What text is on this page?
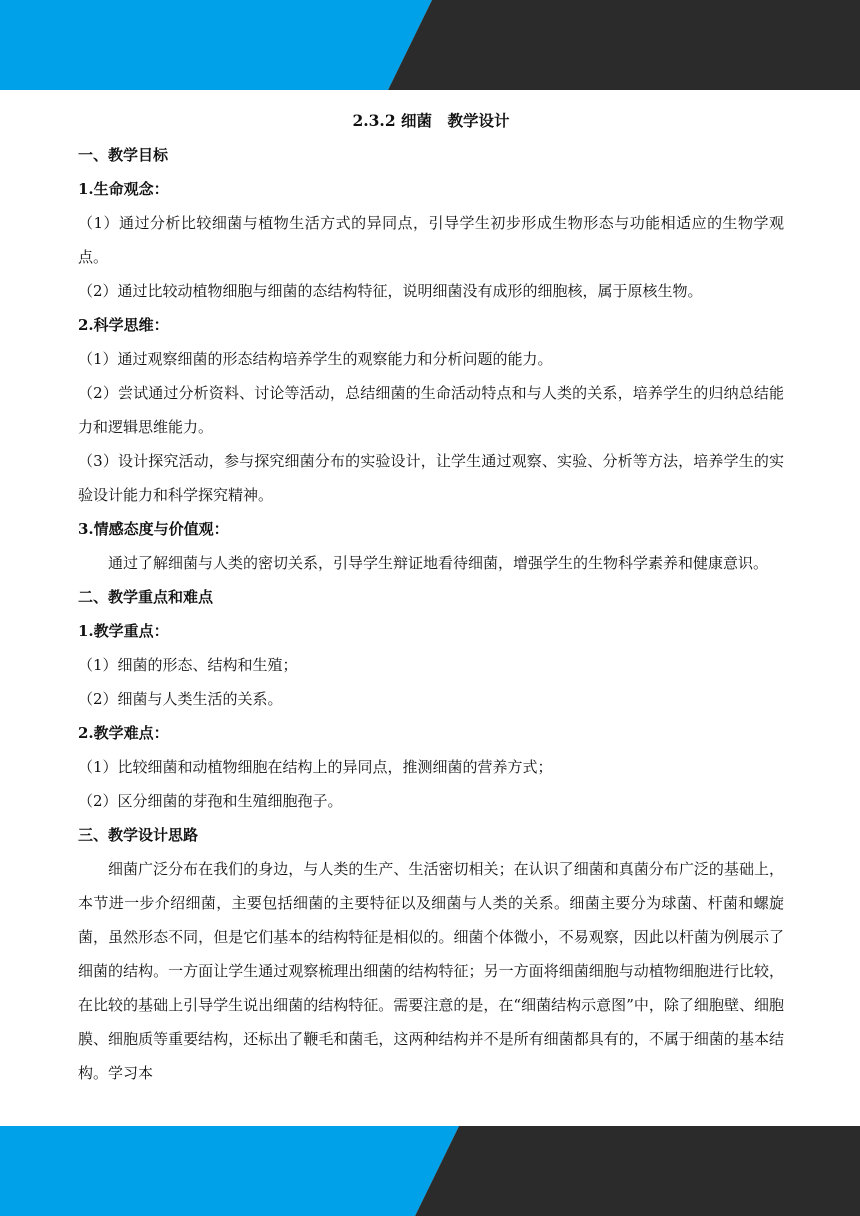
2.3.2 细菌　教学设计

一、教学目标

1.生命观念：

（1）通过分析比较细菌与植物生活方式的异同点，引导学生初步形成生物形态与功能相适应的生物学观点。

（2）通过比较动植物细胞与细菌的态结构特征，说明细菌没有成形的细胞核，属于原核生物。

2.科学思维：

（1）通过观察细菌的形态结构培养学生的观察能力和分析问题的能力。

（2）尝试通过分析资料、讨论等活动，总结细菌的生命活动特点和与人类的关系，培养学生的归纳总结能力和逻辑思维能力。

（3）设计探究活动，参与探究细菌分布的实验设计，让学生通过观察、实验、分析等方法，培养学生的实验设计能力和科学探究精神。

3.情感态度与价值观：

通过了解细菌与人类的密切关系，引导学生辩证地看待细菌，增强学生的生物科学素养和健康意识。

二、教学重点和难点

1.教学重点：

（1）细菌的形态、结构和生殖；

（2）细菌与人类生活的关系。

2.教学难点：

（1）比较细菌和动植物细胞在结构上的异同点，推测细菌的营养方式；

（2）区分细菌的芽孢和生殖细胞孢子。

三、教学设计思路

细菌广泛分布在我们的身边，与人类的生产、生活密切相关；在认识了细菌和真菌分布广泛的基础上，本节进一步介绍细菌，主要包括细菌的主要特征以及细菌与人类的关系。细菌主要分为球菌、杆菌和螺旋菌，虽然形态不同，但是它们基本的结构特征是相似的。细菌个体微小，不易观察，因此以杆菌为例展示了细菌的结构。一方面让学生通过观察梳理出细菌的结构特征；另一方面将细菌细胞与动植物细胞进行比较，在比较的基础上引导学生说出细菌的结构特征。需要注意的是，在“细菌结构示意图”中，除了细胞壁、细胞膜、细胞质等重要结构，还标出了鞭毛和菌毛，这两种结构并不是所有细菌都具有的，不属于细菌的基本结构。学习本
